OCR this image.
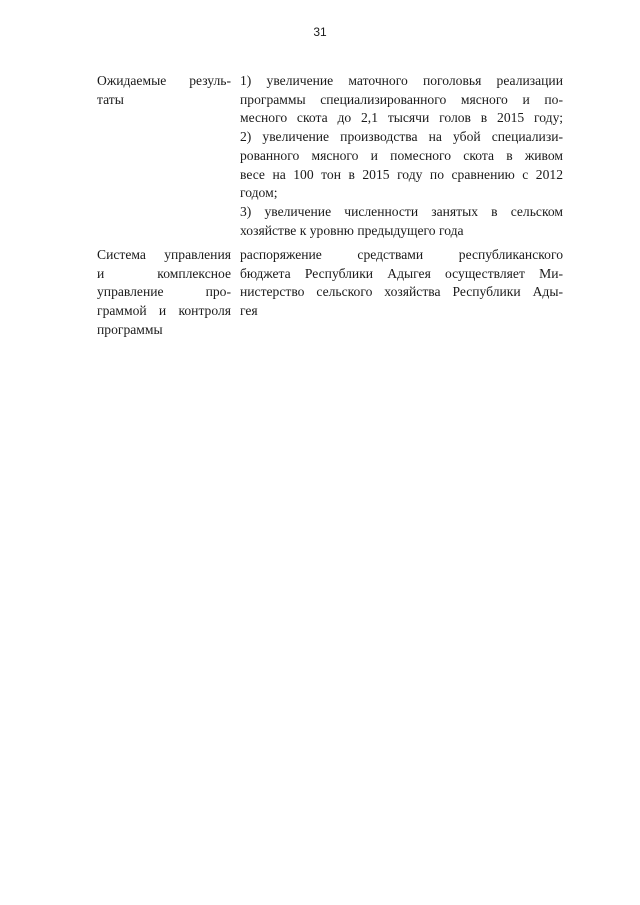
31
Ожидаемые резуль-
таты
1) увеличение маточного поголовья реализации
программы специализированного мясного и по-
месного скота до 2,1 тысячи голов в 2015 году;
2) увеличение производства на убой специализи-
рованного мясного и помесного скота в живом
весе на 100 тон в 2015 году по сравнению с 2012
годом;
3) увеличение численности занятых в сельском
хозяйстве к уровню предыдущего года
Система управления
и комплексное
управление про-
граммой и контроля
программы
распоряжение средствами республиканского
бюджета Республики Адыгея осуществляет Ми-
нистерство сельского хозяйства Республики Ады-
гея
